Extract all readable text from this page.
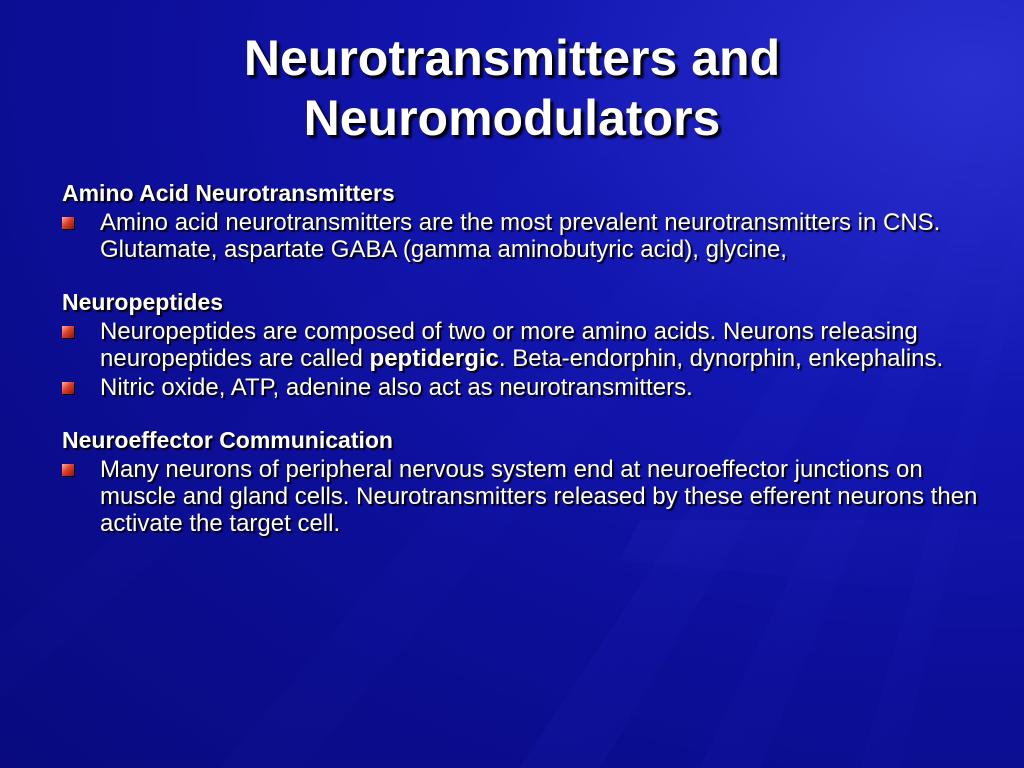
Neurotransmitters and
Neuromodulators

Amino Acid Neurotransmitters

Amino acid neurotransmitters are the most prevalent neurotransmitters in CNS. Glutamate, aspartate GABA (gamma aminobutyric acid), glycine,

Neuropeptides

Neuropeptides are composed of two or more amino acids. Neurons releasing neuropeptides are called peptidergic. Beta-endorphin, dynorphin, enkephalins.
Nitric oxide, ATP, adenine also act as neurotransmitters.

Neuroeffector Communication

Many neurons of peripheral nervous system end at neuroeffector junctions on muscle and gland cells. Neurotransmitters released by these efferent neurons then activate the target cell.
